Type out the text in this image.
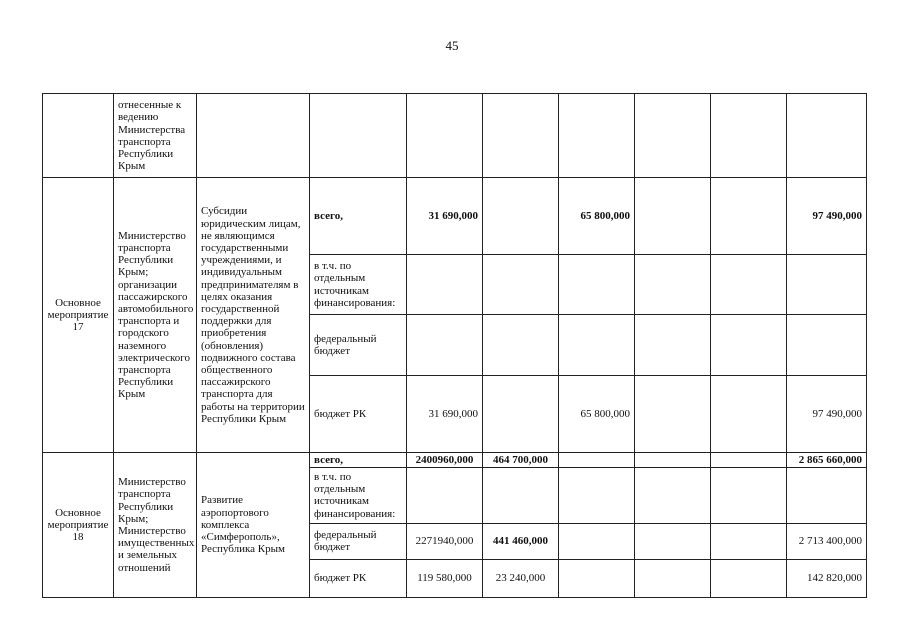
45
	отнесенные к ведению Министерства транспорта Республики Крым								
Основное мероприятие 17	Министерство транспорта Республики Крым; организации пассажирского автомобильного транспорта и городского наземного электрического транспорта Республики Крым	Субсидии юридическим лицам, не являющимся государственными учреждениями, и индивидуальным предпринимателям в целях оказания государственной поддержки для приобретения (обновления) подвижного состава общественного пассажирского транспорта для работы на территории Республики Крым	всего,	31 690,000		65 800,000			97 490,000
			в т.ч. по отдельным источникам финансирования:						
			федеральный бюджет						
			бюджет РК	31 690,000		65 800,000			97 490,000
Основное мероприятие 18	Министерство транспорта Республики Крым; Министерство имущественных и земельных отношений	Развитие аэропортового комплекса «Симферополь», Республика Крым	всего,	2400960,000	464 700,000				2 865 660,000
			в т.ч. по отдельным источникам финансирования:						
			федеральный бюджет	2271940,000	441 460,000				2 713 400,000
			бюджет РК	119 580,000	23 240,000				142 820,000
